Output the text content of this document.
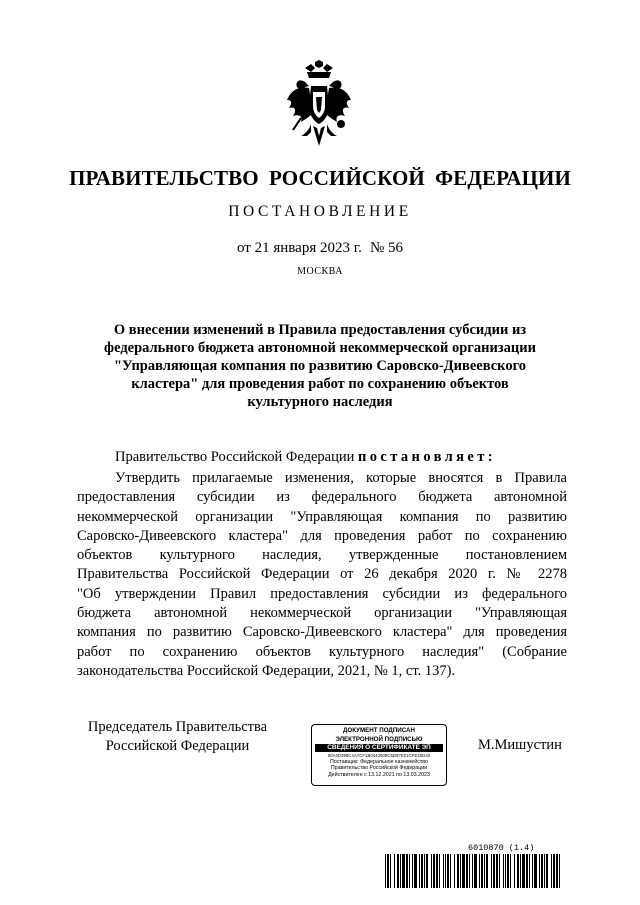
ПРАВИТЕЛЬСТВО РОССИЙСКОЙ ФЕДЕРАЦИИ
ПОСТАНОВЛЕНИЕ
от 21 января 2023 г. № 56
МОСКВА
О внесении изменений в Правила предоставления субсидии из
федерального бюджета автономной некоммерческой организации
"Управляющая компания по развитию Саровско-Дивеевского
кластера" для проведения работ по сохранению объектов
культурного наследия
Правительство Российской Федерации постановляет:
Утвердить прилагаемые изменения, которые вносятся в Правила
предоставления субсидии из федерального бюджета автономной
некоммерческой организации "Управляющая компания по развитию
Саровско-Дивеевского кластера" для проведения работ по сохранению
объектов культурного наследия, утвержденные постановлением
Правительства Российской Федерации от 26 декабря 2020 г. № 2278
"Об утверждении Правил предоставления субсидии из федерального
бюджета автономной некоммерческой организации "Управляющая
компания по развитию Саровско-Дивеевского кластера" для проведения
работ по сохранению объектов культурного наследия" (Собрание
законодательства Российской Федерации, 2021, № 1, ст. 137).
Председатель Правительства
Российской Федерации
ДОКУМЕНТ ПОДПИСАН
ЭЛЕКТРОННОЙ ПОДПИСЬЮ
СВЕДЕНИЯ О СЕРТИФИКАТЕ ЭП
00A0D398C4A7CF1B0443808C5D97E01CFE40D40
Поставщик: Федеральное казначейство
Правительство Российской Федерации
Действителен с 13.12.2021 по 13.03.2023
М.Мишустин
6010870 (1.4)
